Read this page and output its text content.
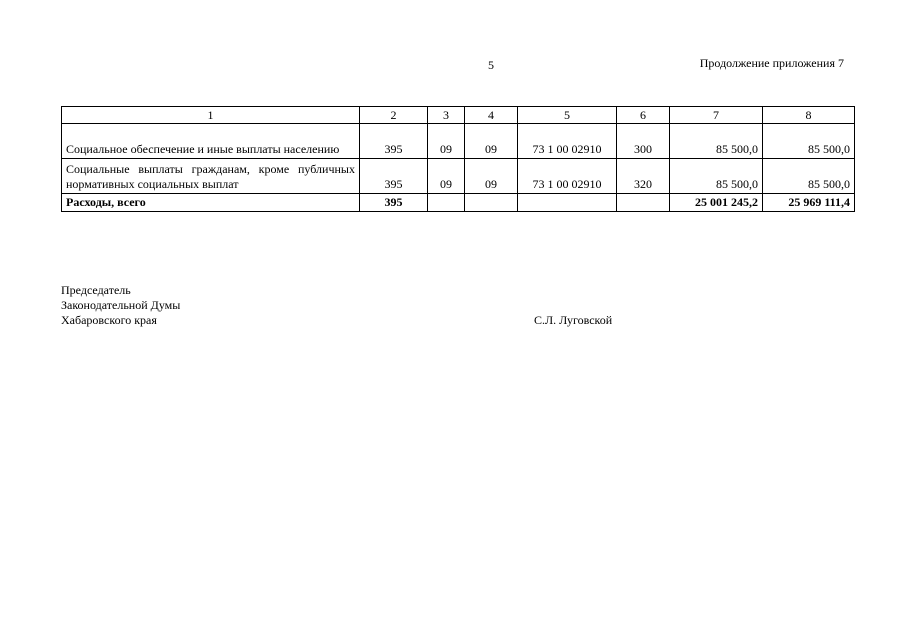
5	Продолжение приложения 7
1	2	3	4	5	6	7	8
Социальное обеспечение и иные выплаты населению	395	09	09	73 1 00 02910	300	85 500,0	85 500,0
Социальные выплаты гражданам, кроме публичных нормативных социальных выплат	395	09	09	73 1 00 02910	320	85 500,0	85 500,0
Расходы, всего	395					25 001 245,2	25 969 111,4
Председатель
Законодательной Думы
Хабаровского края	С.Л. Луговской
